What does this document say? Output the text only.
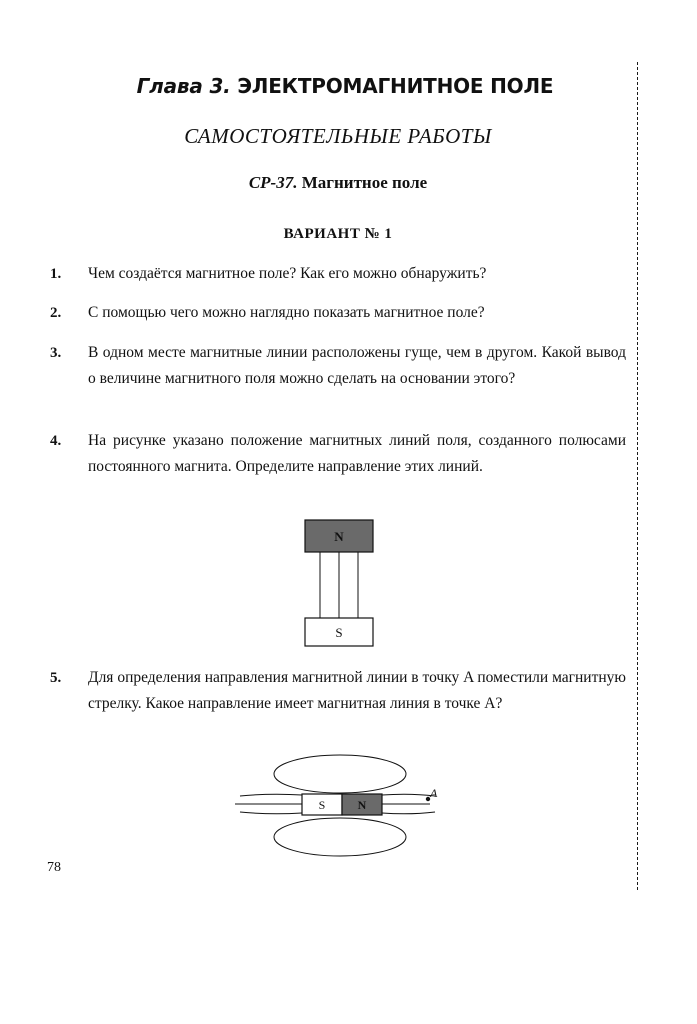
Глава 3. ЭЛЕКТРОМАГНИТНОЕ ПОЛЕ
САМОСТОЯТЕЛЬНЫЕ РАБОТЫ
СР-37. Магнитное поле
ВАРИАНТ № 1
1. Чем создаётся магнитное поле? Как его можно обнаружить?
2. С помощью чего можно наглядно показать магнитное поле?
3. В одном месте магнитные линии расположены гуще, чем в другом. Какой вывод о величине магнитного поля можно сделать на основании этого?
4. На рисунке указано положение магнитных линий поля, созданного полюсами постоянного магнита. Определите направление этих линий.
N
S
5. Для определения направления магнитной линии в точку A поместили магнитную стрелку. Какое направление имеет магнитная линия в точке A?
S	N
A
78
